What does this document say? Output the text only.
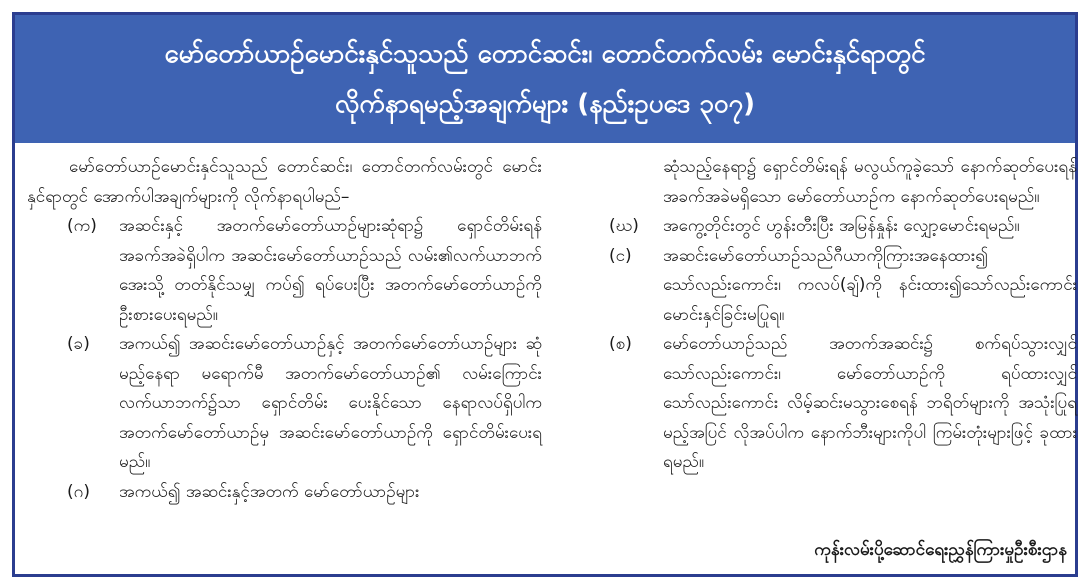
မော်တော်ယာဉ်မောင်းနှင်သူသည် တောင်ဆင်း၊ တောင်တက်လမ်း မောင်းနှင်ရာတွင်
လိုက်နာရမည့်အချက်များ (နည်းဥပဒေ ၃၀၇)

မော်တော်ယာဉ်မောင်းနှင်သူသည် တောင်ဆင်း၊ တောင်တက်လမ်းတွင် မောင်းနှင်ရာတွင် အောက်ပါအချက်များကို လိုက်နာရပါမည်–

(က)	အဆင်းနှင့် အတက်မော်တော်ယာဉ်များဆုံရာ၌ ရှောင်တိမ်းရန် အခက်အခဲရှိပါက အဆင်းမော်တော်ယာဉ်သည် လမ်း၏လက်ယာဘက်အေးသို့ တတ်နိုင်သမျှ ကပ်၍ ရပ်ပေးပြီး အတက်မော်တော်ယာဉ်ကို ဦးစားပေးရမည်။
(ခ)	အကယ်၍ အဆင်းမော်တော်ယာဉ်နှင့် အတက်မော်တော်ယာဉ်များ ဆုံမည့်နေရာ မရောက်မီ အတက်မော်တော်ယာဉ်၏ လမ်းကြောင်း လက်ယာဘက်၌သာ ရှောင်တိမ်း ပေးနိုင်သော နေရာလပ်ရှိပါက အတက်မော်တော်ယာဉ်မှ အဆင်းမော်တော်ယာဉ်ကို ရှောင်တိမ်းပေးရမည်။
(ဂ)	အကယ်၍ အဆင်းနှင့်အတက် မော်တော်ယာဉ်များ

ဆုံသည့်နေရာ၌ ရှောင်တိမ်းရန် မလွယ်ကူခဲ့သော် နောက်ဆုတ်ပေးရန် အခက်အခဲမရှိသော မော်တော်ယာဉ်က နောက်ဆုတ်ပေးရမည်။

(ဃ)	အကွေ့တိုင်းတွင် ဟွန်းတီးပြီး အမြန်နှုန်း လျှော့မောင်းရမည်။
(င)	အဆင်းမော်တော်ယာဉ်သည်ဂီယာကိုကြားအနေထား၍ သော်လည်းကောင်း၊ ကလပ်(ချ်)ကို နင်းထား၍သော်လည်းကောင်း မောင်းနှင်ခြင်းမပြုရ။
(စ)	မော်တော်ယာဉ်သည် အတက်အဆင်း၌ စက်ရပ်သွားလျှင် သော်လည်းကောင်း၊ မော်တော်ယာဉ်ကို ရပ်ထားလျှင် သော်လည်းကောင်း လိမ့်ဆင်းမသွားစေရန် ဘရိတ်များကို အသုံးပြုရမည့်အပြင် လိုအပ်ပါက နောက်ဘီးများကိုပါ ကြမ်းတုံးများဖြင့် ခုထားရမည်။
ကုန်းလမ်းပို့ဆောင်ရေးညွှန်ကြားမှုဦးစီးဌာန
